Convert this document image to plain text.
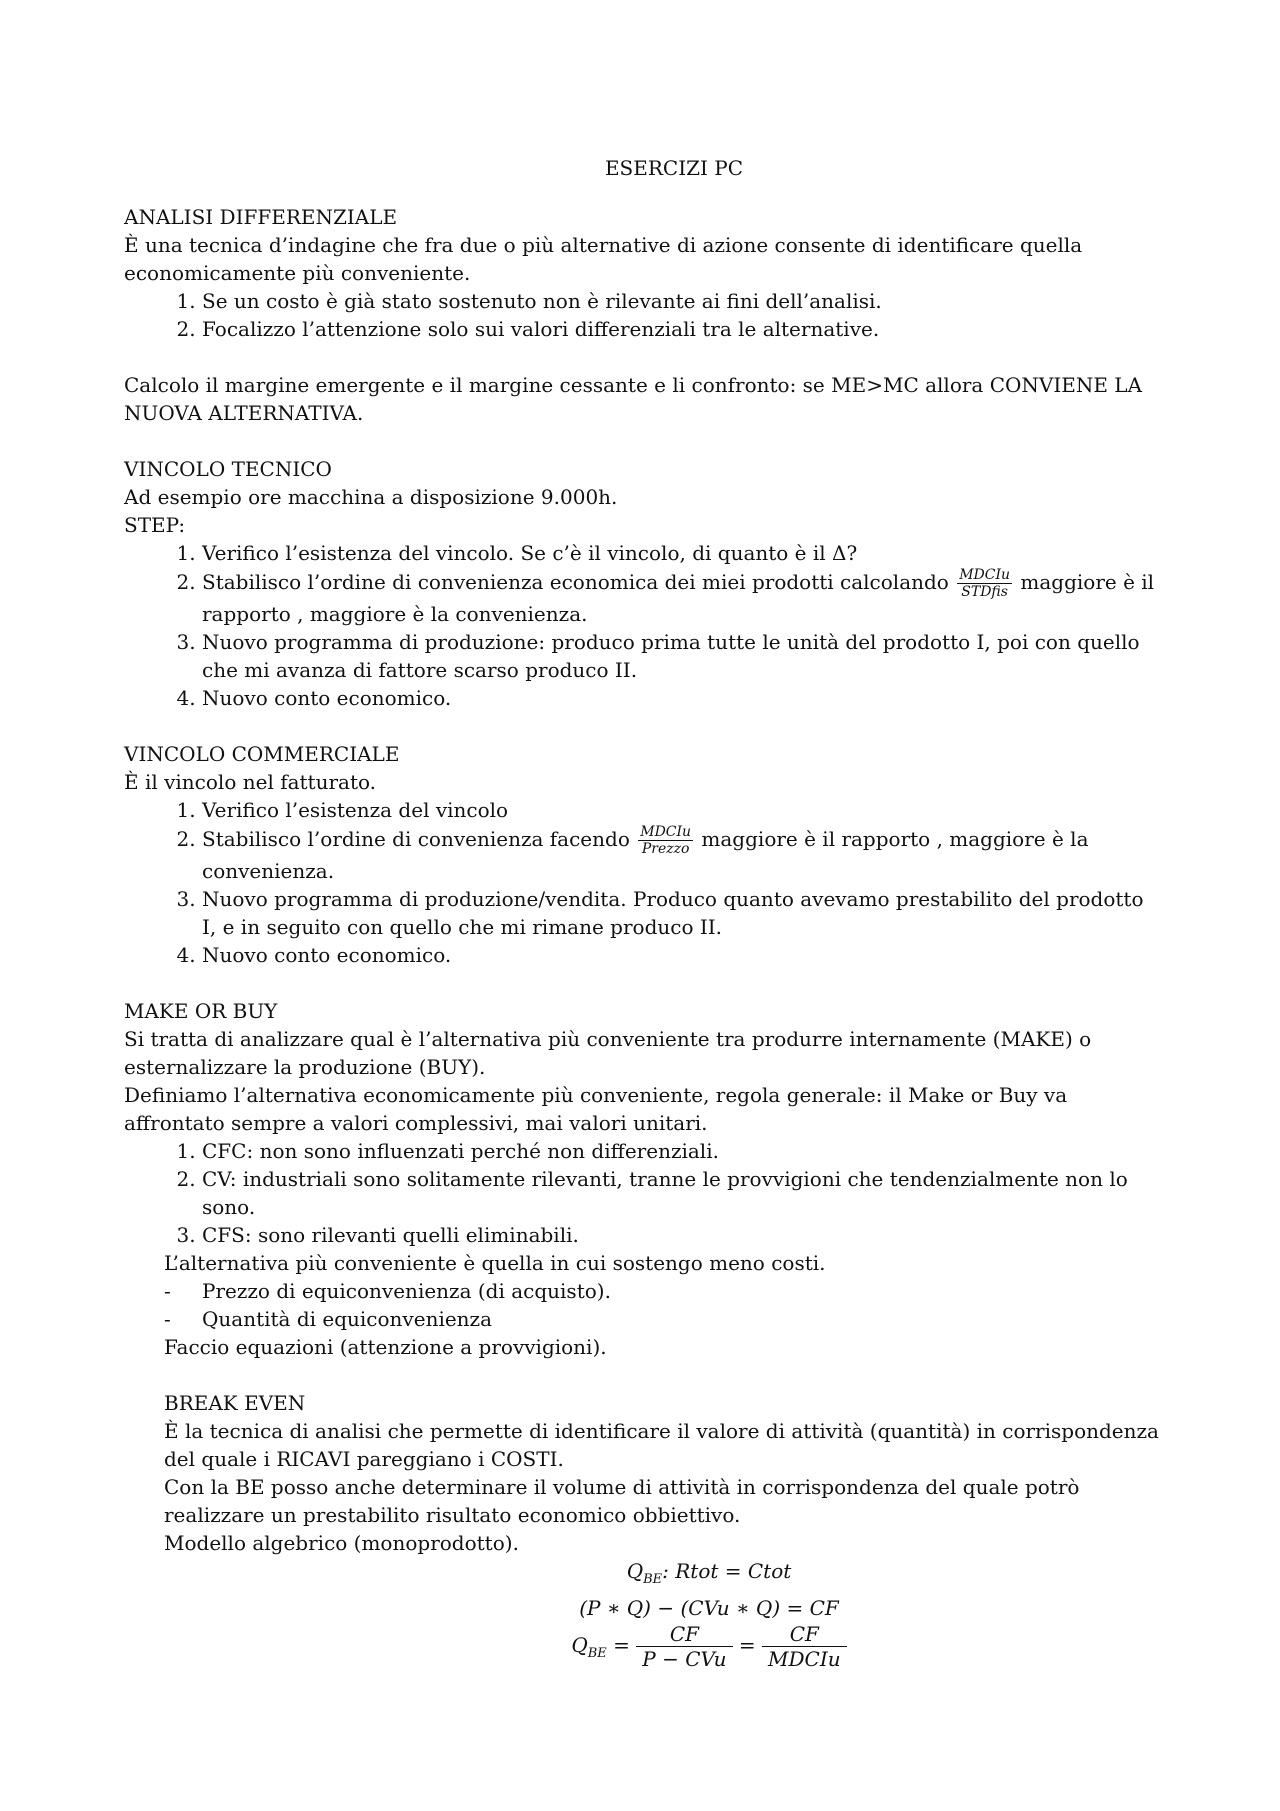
ESERCIZI PC

ANALISI DIFFERENZIALE

È una tecnica d’indagine che fra due o più alternative di azione consente di identificare quella economicamente più conveniente.

1. Se un costo è già stato sostenuto non è rilevante ai fini dell’analisi.
2. Focalizzo l’attenzione solo sui valori differenziali tra le alternative.

Calcolo il margine emergente e il margine cessante e li confronto: se ME>MC allora CONVIENE LA NUOVA ALTERNATIVA.

VINCOLO TECNICO

Ad esempio ore macchina a disposizione 9.000h.

STEP:

1. Verifico l’esistenza del vincolo. Se c’è il vincolo, di quanto è il Δ?
2. Stabilisco l’ordine di convenienza economica dei miei prodotti calcolando $\frac{\text{MDCIu}}{\text{STDfis}}$ maggiore è il rapporto , maggiore è la convenienza.
3. Nuovo programma di produzione: produco prima tutte le unità del prodotto I, poi con quello che mi avanza di fattore scarso produco II.
4. Nuovo conto economico.

VINCOLO COMMERCIALE

È il vincolo nel fatturato.

1. Verifico l’esistenza del vincolo
2. Stabilisco l’ordine di convenienza facendo $\frac{\text{MDCIu}}{\text{Prezzo}}$ maggiore è il rapporto , maggiore è la convenienza.
3. Nuovo programma di produzione/vendita. Produco quanto avevamo prestabilito del prodotto I, e in seguito con quello che mi rimane produco II.
4. Nuovo conto economico.

MAKE OR BUY

Si tratta di analizzare qual è l’alternativa più conveniente tra produrre internamente (MAKE) o esternalizzare la produzione (BUY).

Definiamo l’alternativa economicamente più conveniente, regola generale: il Make or Buy va affrontato sempre a valori complessivi, mai valori unitari.

1. CFC: non sono influenzati perché non differenziali.
2. CV: industriali sono solitamente rilevanti, tranne le provvigioni che tendenzialmente non lo sono.
3. CFS: sono rilevanti quelli eliminabili.

L’alternativa più conveniente è quella in cui sostengo meno costi.

- Prezzo di equiconvenienza (di acquisto).
- Quantità di equiconvenienza

Faccio equazioni (attenzione a provvigioni).

BREAK EVEN

È la tecnica di analisi che permette di identificare il valore di attività (quantità) in corrispondenza del quale i RICAVI pareggiano i COSTI.

Con la BE posso anche determinare il volume di attività in corrispondenza del quale potrò realizzare un prestabilito risultato economico obbiettivo.

Modello algebrico (monoprodotto).

$Q_{BE}$: Rtot = Ctot
(P ∗ Q) − (CVu ∗ Q) = CF
$Q_{BE} = \frac{CF}{\text{P − CVu}} = \frac{CF}{\text{MDCIu}}$
